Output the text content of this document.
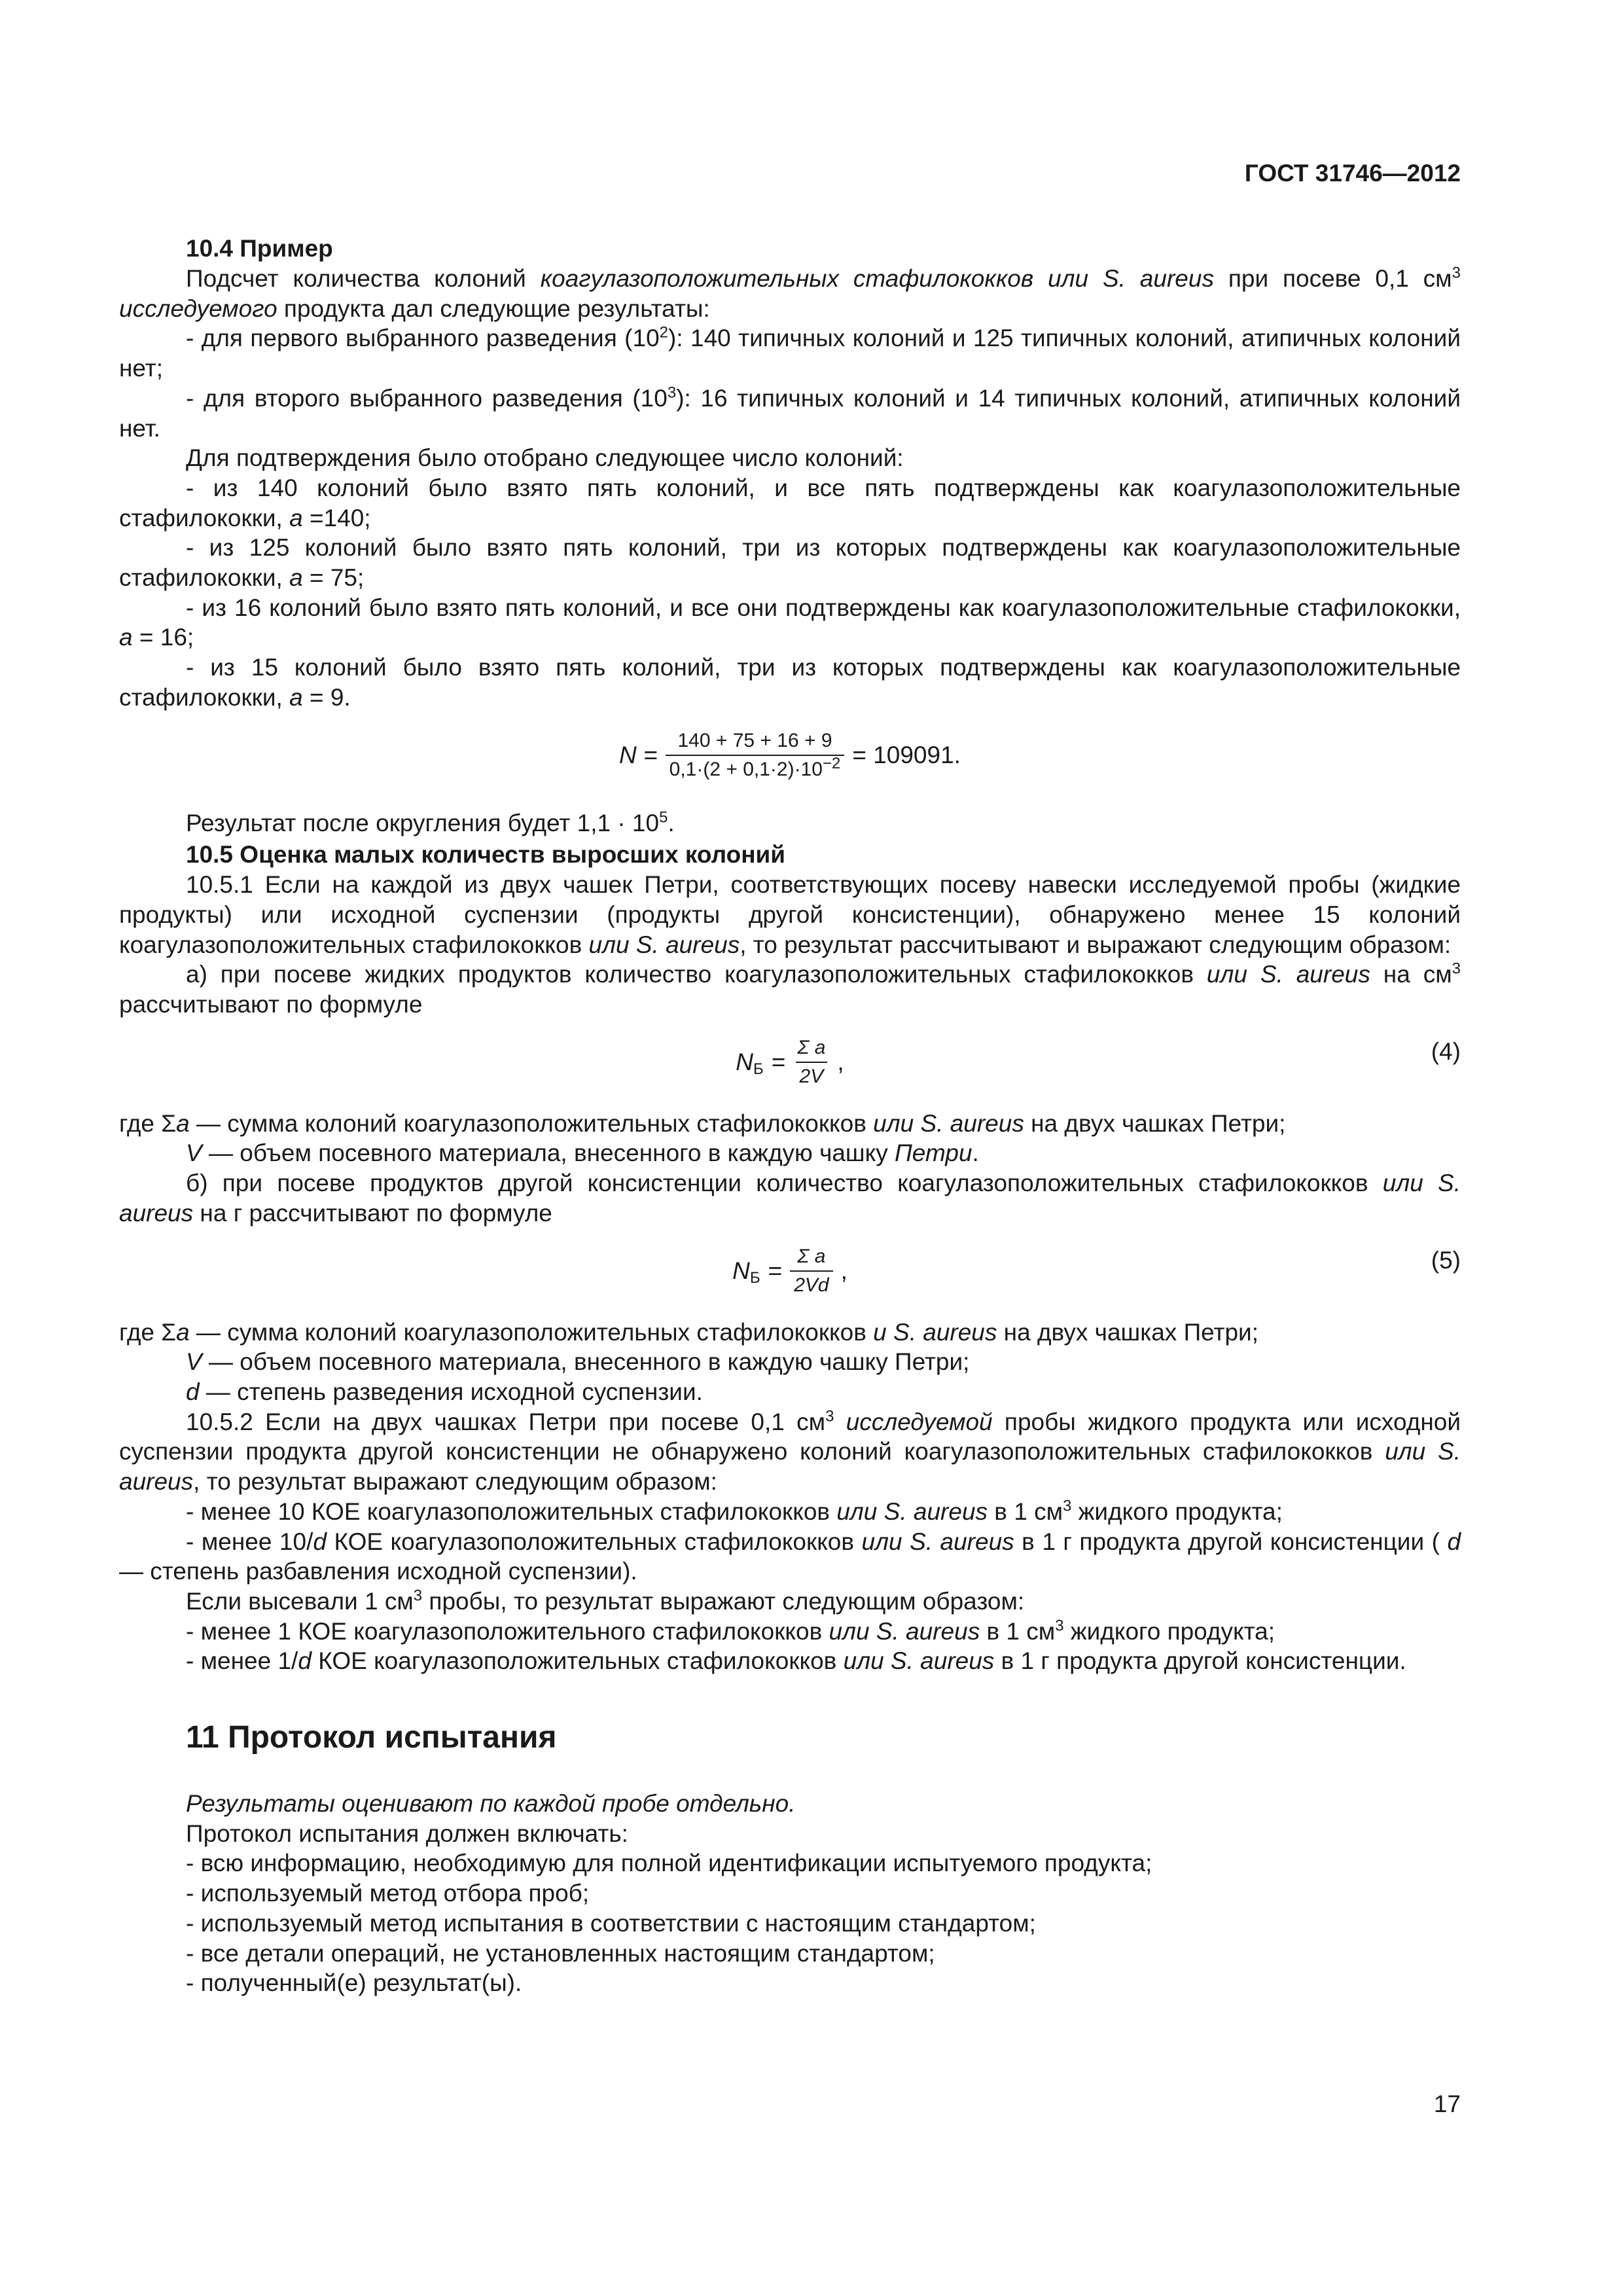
ГОСТ 31746—2012

10.4 Пример

Подсчет количества колоний коагулазоположительных стафилококков или S. aureus при посеве 0,1 $см^3$ исследуемого продукта дал следующие результаты:

- для первого выбранного разведения $(10^2)$: 140 типичных колоний и 125 типичных колоний, атипичных колоний нет;

- для второго выбранного разведения $(10^3)$: 16 типичных колоний и 14 типичных колоний, атипичных колоний нет.

Для подтверждения было отобрано следующее число колоний:

- из 140 колоний было взято пять колоний, и все пять подтверждены как коагулазоположительные стафилококки, а =140;

- из 125 колоний было взято пять колоний, три из которых подтверждены как коагулазоположительные стафилококки, а = 75;

- из 16 колоний было взято пять колоний, и все они подтверждены как коагулазоположительные стафилококки, а = 16;

- из 15 колоний было взято пять колоний, три из которых подтверждены как коагулазоположительные стафилококки, а = 9.

$N = \frac{140 + 75 + 16 + 9}{0,1\cdot(2 + 0,1\cdot 2)\cdot 10^{-2}} = 109091$.

Результат после округления будет $1,1 \cdot 10^5$.

10.5 Оценка малых количеств выросших колоний

10.5.1 Если на каждой из двух чашек Петри, соответствующих посеву навески исследуемой пробы (жидкие продукты) или исходной суспензии (продукты другой консистенции), обнаружено менее 15 колоний коагулазоположительных стафилококков или S. aureus, то результат рассчитывают и выражают следующим образом:

а) при посеве жидких продуктов количество коагулазоположительных стафилококков или S. aureus на $см^3$ рассчитывают по формуле

$N_Б = \frac{\text{Σ a}}{2V}$ ,	(4)

где Σа — сумма колоний коагулазоположительных стафилококков или S. aureus на двух чашках Петри;

V — объем посевного материала, внесенного в каждую чашку Петри.

б) при посеве продуктов другой консистенции количество коагулазоположительных стафилококков или S. aureus на г рассчитывают по формуле

$N_Б = \frac{\text{Σ a}}{2Vd}$ ,	(5)

где Σа — сумма колоний коагулазоположительных стафилококков и S. aureus на двух чашках Петри;

V — объем посевного материала, внесенного в каждую чашку Петри;

d — степень разведения исходной суспензии.

10.5.2 Если на двух чашках Петри при посеве 0,1 $см^3$ исследуемой пробы жидкого продукта или исходной суспензии продукта другой консистенции не обнаружено колоний коагулазоположительных стафилококков или S. aureus, то результат выражают следующим образом:

- менее 10 КОЕ коагулазоположительных стафилококков или S. aureus в 1 $см^3$ жидкого продукта;

- менее 10/d КОЕ коагулазоположительных стафилококков или S. aureus в 1 г продукта другой консистенции ( d — степень разбавления исходной суспензии).

Если высевали 1 $см^3$ пробы, то результат выражают следующим образом:

- менее 1 КОЕ коагулазоположительного стафилококков или S. aureus в 1 $см^3$ жидкого продукта;

- менее 1/d КОЕ коагулазоположительных стафилококков или S. aureus в 1 г продукта другой консистенции.

11 Протокол испытания

Результаты оценивают по каждой пробе отдельно.

Протокол испытания должен включать:

- всю информацию, необходимую для полной идентификации испытуемого продукта;

- используемый метод отбора проб;

- используемый метод испытания в соответствии с настоящим стандартом;

- все детали операций, не установленных настоящим стандартом;

- полученный(е) результат(ы).

17
